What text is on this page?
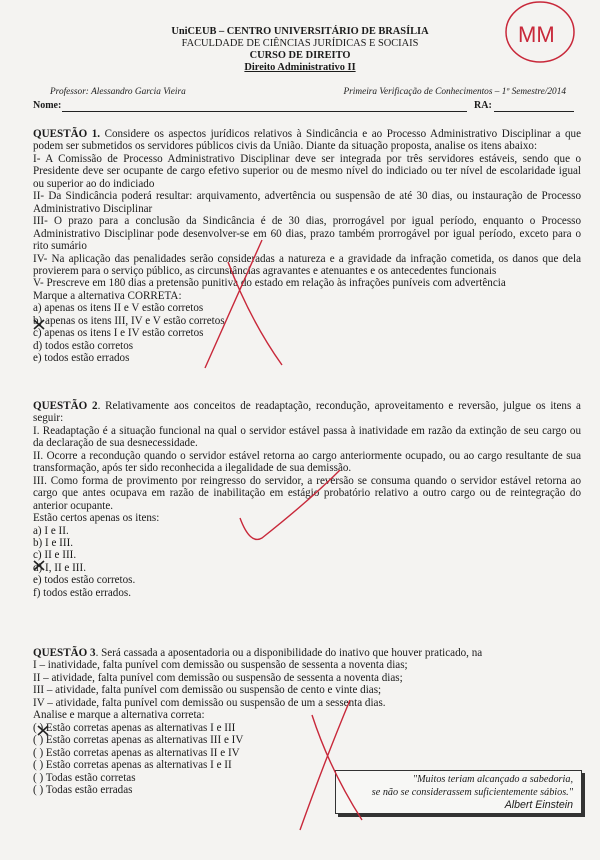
UniCEUB – CENTRO UNIVERSITÁRIO DE BRASÍLIA
FACULDADE DE CIÊNCIAS JURÍDICAS E SOCIAIS
CURSO DE DIREITO
Direito Administrativo II
Professor: Alessandro Garcia Vieira	Primeira Verificação de Conhecimentos – 1º Semestre/2014
Nome:	RA:

QUESTÃO 1. Considere os aspectos jurídicos relativos à Sindicância e ao Processo Administrativo Disciplinar a que podem ser submetidos os servidores públicos civis da União. Diante da situação proposta, analise os itens abaixo:

I- A Comissão de Processo Administrativo Disciplinar deve ser integrada por três servidores estáveis, sendo que o Presidente deve ser ocupante de cargo efetivo superior ou de mesmo nível do indiciado ou ter nível de escolaridade igual ou superior ao do indiciado

II- Da Sindicância poderá resultar: arquivamento, advertência ou suspensão de até 30 dias, ou instauração de Processo Administrativo Disciplinar

III- O prazo para a conclusão da Sindicância é de 30 dias, prorrogável por igual período, enquanto o Processo Administrativo Disciplinar pode desenvolver-se em 60 dias, prazo também prorrogável por igual período, exceto para o rito sumário

IV- Na aplicação das penalidades serão consideradas a natureza e a gravidade da infração cometida, os danos que dela provierem para o serviço público, as circunstâncias agravantes e atenuantes e os antecedentes funcionais

V- Prescreve em 180 dias a pretensão punitiva do estado em relação às infrações puníveis com advertência

Marque a alternativa CORRETA:

a) apenas os itens II e V estão corretos

b) apenas os itens III, IV e V estão corretos

c) apenas os itens I e IV estão corretos

d) todos estão corretos

e) todos estão errados

QUESTÃO 2. Relativamente aos conceitos de readaptação, recondução, aproveitamento e reversão, julgue os itens a seguir:

I. Readaptação é a situação funcional na qual o servidor estável passa à inatividade em razão da extinção de seu cargo ou da declaração de sua desnecessidade.

II. Ocorre a recondução quando o servidor estável retorna ao cargo anteriormente ocupado, ou ao cargo resultante de sua transformação, após ter sido reconhecida a ilegalidade de sua demissão.

III. Como forma de provimento por reingresso do servidor, a reversão se consuma quando o servidor estável retorna ao cargo que antes ocupava em razão de inabilitação em estágio probatório relativo a outro cargo ou de reintegração do anterior ocupante.

Estão certos apenas os itens:

a) I e II.

b) I e III.

c) II e III.

d) I, II e III.

e) todos estão corretos.

f) todos estão errados.

QUESTÃO 3. Será cassada a aposentadoria ou a disponibilidade do inativo que houver praticado, na

I – inatividade, falta punível com demissão ou suspensão de sessenta a noventa dias;

II – atividade, falta punível com demissão ou suspensão de sessenta a noventa dias;

III – atividade, falta punível com demissão ou suspensão de cento e vinte dias;

IV – atividade, falta punível com demissão ou suspensão de um a sessenta dias.

Analise e marque a alternativa correta:

( ) Estão corretas apenas as alternativas I e III

( ) Estão corretas apenas as alternativas III e IV

( ) Estão corretas apenas as alternativas II e IV

( ) Estão corretas apenas as alternativas I e II

( ) Todas estão corretas

( ) Todas estão erradas

"Muitos teriam alcançado a sabedoria,
se não se considerassem suficientemente sábios."
Albert Einstein
MM
